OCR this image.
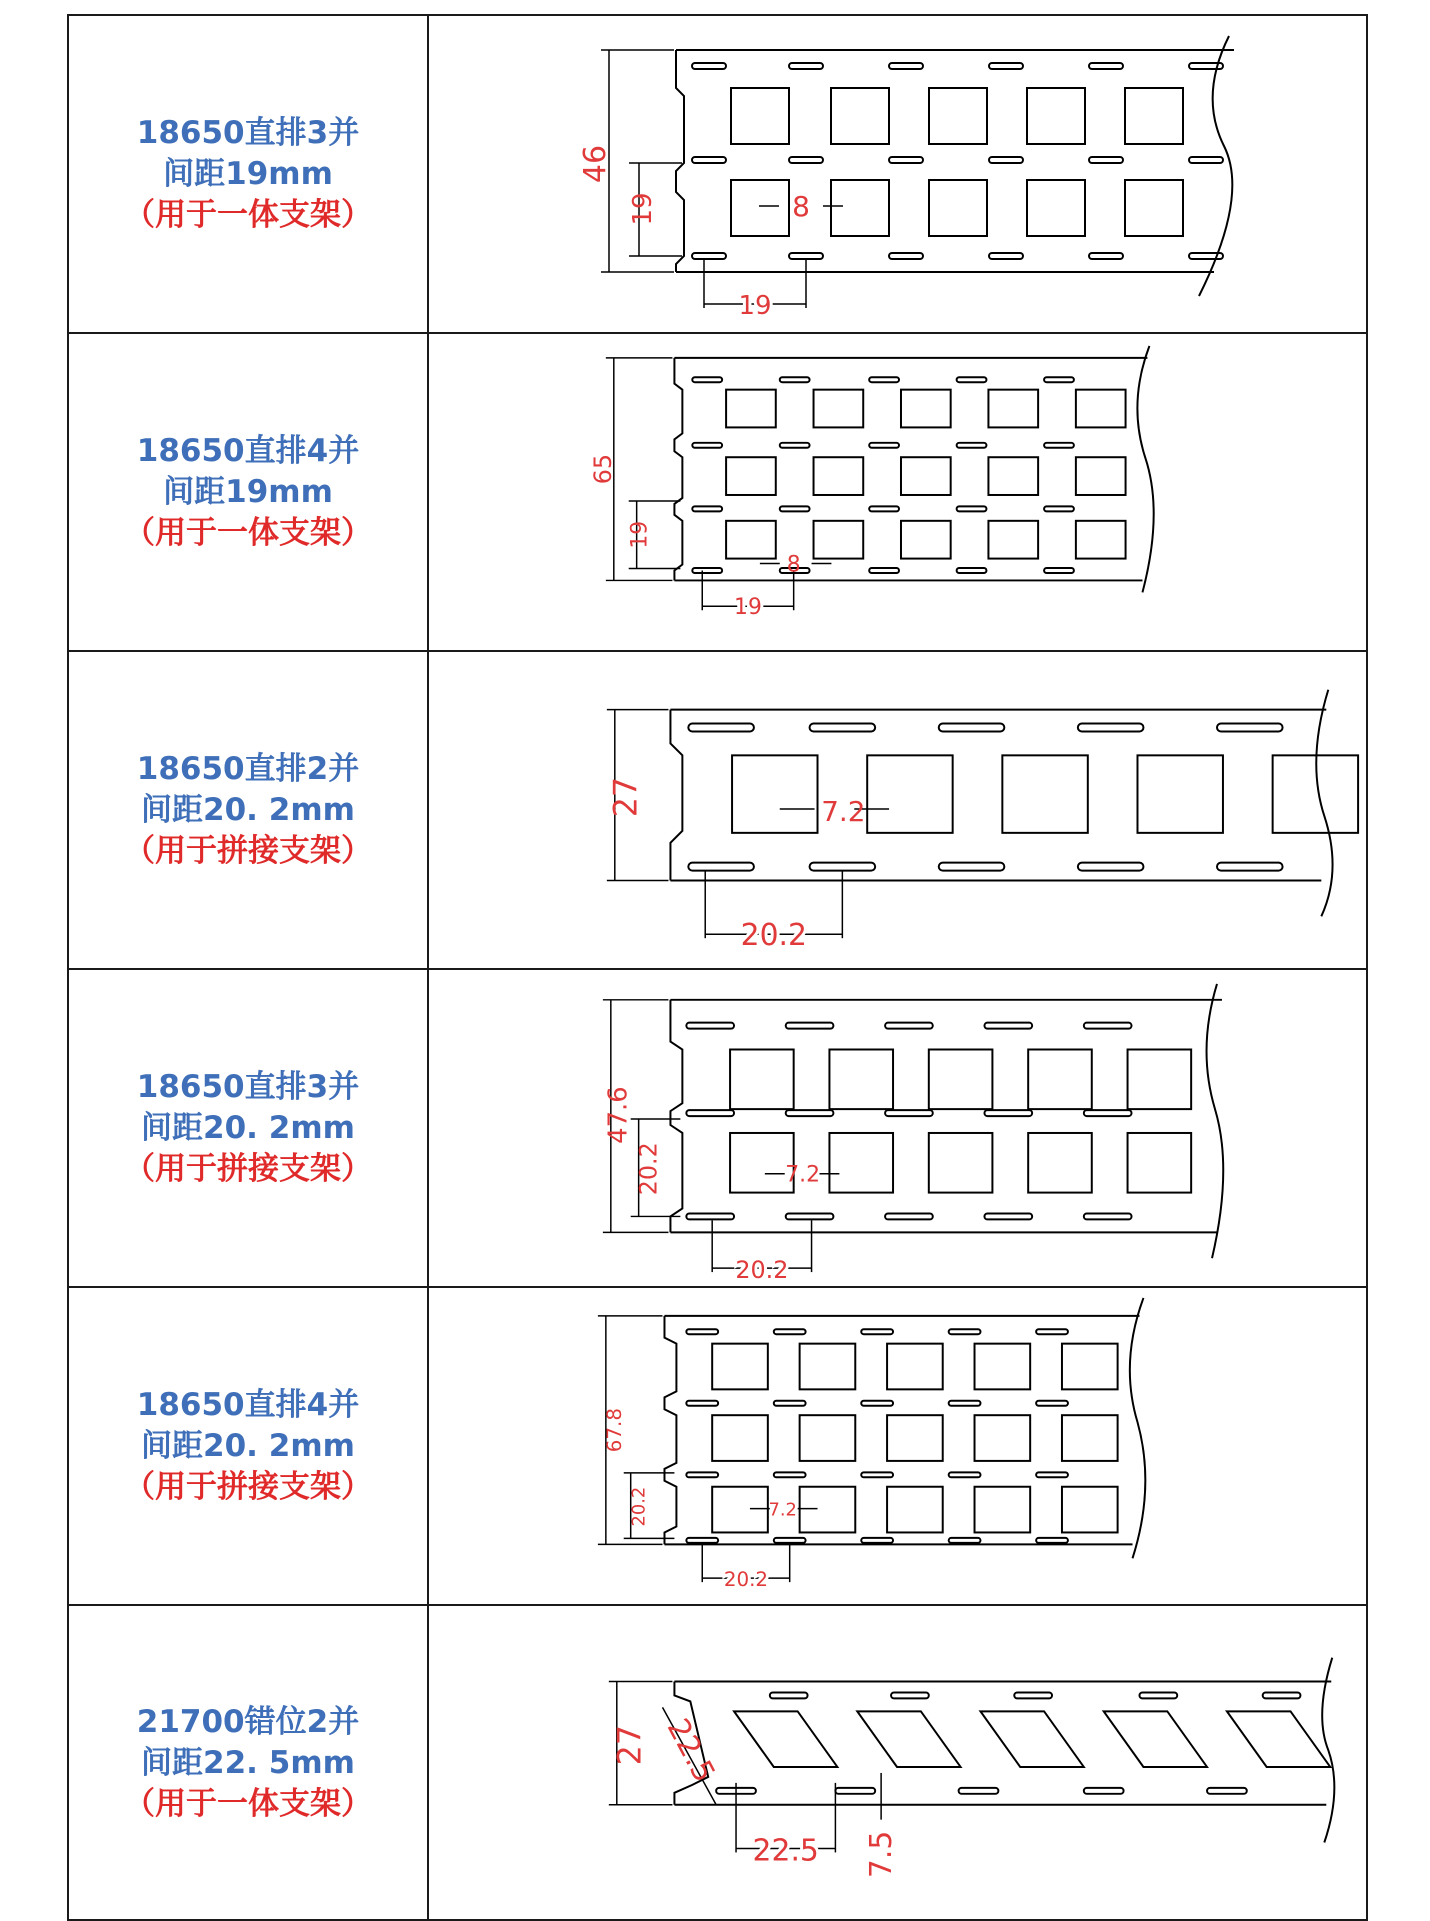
18650直排3并
间距19mm
（用于一体支架）
46
19	8
19
18650直排4并
间距19mm
（用于一体支架）
65
19
8
19
18650直排2并
间距20. 2mm
（用于拼接支架）
27	7.2
20.2
18650直排3并
间距20. 2mm
（用于拼接支架）
47.6
20.2	7.2
20.2
18650直排4并
间距20. 2mm
（用于拼接支架）
67.8
20.2	7.2
20.2
21700错位2并
间距22. 5mm
（用于一体支架）
27 22.5
22.5 7.5
